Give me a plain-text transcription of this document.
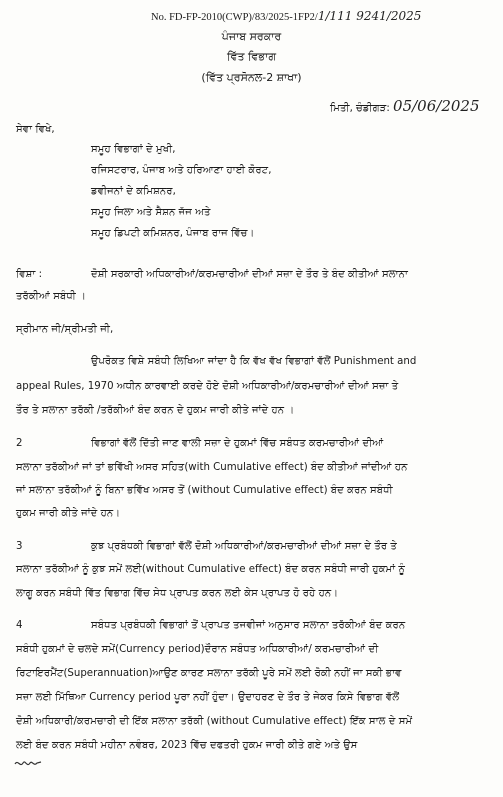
No. FD-FP-2010(CWP)/83/2025-1FP2/1/111 9241/2025
ਪੰਜਾਬ ਸਰਕਾਰ
ਵਿੱਤ ਵਿਭਾਗ
(ਵਿੱਤ ਪ੍ਰਸੋਨਲ-2 ਸ਼ਾਖਾ)
ਮਿਤੀ, ਚੰਡੀਗੜ: 05/06/2025
ਸੇਵਾ ਵਿਖੇ,
ਸਮੂਹ ਵਿਭਾਗਾਂ ਦੇ ਮੁਖੀ,
ਰਜਿਸਟਰਾਰ, ਪੰਜਾਬ ਅਤੇ ਹਰਿਆਣਾ ਹਾਈ ਕੋਰਟ,
ਡਵੀਜਨਾਂ ਦੇ ਕਮਿਸ਼ਨਰ,
ਸਮੂਹ ਜਿਲਾ ਅਤੇ ਸੈਸ਼ਨ ਜੱਜ ਅਤੇ
ਸਮੂਹ ਡਿਪਟੀ ਕਮਿਸ਼ਨਰ, ਪੰਜਾਬ ਰਾਜ ਵਿੱਚ।
ਵਿਸ਼ਾ :	ਦੋਸ਼ੀ ਸਰਕਾਰੀ ਅਧਿਕਾਰੀਆਂ/ਕਰਮਚਾਰੀਆਂ ਦੀਆਂ ਸਜ਼ਾ ਦੇ ਤੌਰ ਤੇ ਬੰਦ ਕੀਤੀਆਂ ਸਲਾਨਾ
ਤਰੱਕੀਆਂ ਸਬੰਧੀ ।
ਸ੍ਰੀਮਾਨ ਜੀ/ਸ੍ਰੀਮਤੀ ਜੀ,
ਉਪਰੋਕਤ ਵਿਸ਼ੇ ਸਬੰਧੀ ਲਿਖਿਆ ਜਾਂਦਾ ਹੈ ਕਿ ਵੱਖ ਵੱਖ ਵਿਭਾਗਾਂ ਵੱਲੋਂ Punishment and
appeal Rules, 1970 ਅਧੀਨ ਕਾਰਵਾਈ ਕਰਦੇ ਹੋਏ ਦੋਸ਼ੀ ਅਧਿਕਾਰੀਆਂ/ਕਰਮਚਾਰੀਆਂ ਦੀਆਂ ਸਜ਼ਾ ਤੇ
ਤੌਰ ਤੇ ਸਲਾਨਾ ਤਰੱਕੀ /ਤਰੱਕੀਆਂ ਬੰਦ ਕਰਨ ਦੇ ਹੁਕਮ ਜਾਰੀ ਕੀਤੇ ਜਾਂਦੇ ਹਨ ।
2	ਵਿਭਾਗਾਂ ਵੱਲੋਂ ਦਿੱਤੀ ਜਾਣ ਵਾਲੀ ਸਜ਼ਾ ਦੇ ਹੁਕਮਾਂ ਵਿੱਚ ਸਬੰਧਤ ਕਰਮਚਾਰੀਆਂ ਦੀਆਂ
ਸਲਾਨਾ ਤਰੱਕੀਆਂ ਜਾਂ ਤਾਂ ਭਵਿੱਖੀ ਅਸਰ ਸਹਿਤ(with Cumulative effect) ਬੰਦ ਕੀਤੀਆਂ ਜਾਂਦੀਆਂ ਹਨ
ਜਾਂ ਸਲਾਨਾ ਤਰੱਕੀਆਂ ਨੂੰ ਬਿਨਾ ਭਵਿੱਖ ਅਸਰ ਤੋਂ (without Cumulative effect) ਬੰਦ ਕਰਨ ਸਬੰਧੀ
ਹੁਕਮ ਜਾਰੀ ਕੀਤੇ ਜਾਂਦੇ ਹਨ।
3	ਕੁਝ ਪ੍ਰਬੰਧਕੀ ਵਿਭਾਗਾਂ ਵੱਲੋਂ ਦੋਸ਼ੀ ਅਧਿਕਾਰੀਆਂ/ਕਰਮਚਾਰੀਆਂ ਦੀਆਂ ਸਜ਼ਾ ਦੇ ਤੌਰ ਤੇ
ਸਲਾਨਾ ਤਰੱਕੀਆਂ ਨੂੰ ਕੁਝ ਸਮੇਂ ਲਈ(without Cumulative effect) ਬੰਦ ਕਰਨ ਸਬੰਧੀ ਜਾਰੀ ਹੁਕਮਾਂ ਨੂੰ
ਲਾਗੂ ਕਰਨ ਸਬੰਧੀ ਵਿੱਤ ਵਿਭਾਗ ਵਿੱਚ ਸੇਧ ਪ੍ਰਾਪਤ ਕਰਨ ਲਈ ਕੇਸ ਪ੍ਰਾਪਤ ਹੋ ਰਹੇ ਹਨ।
4	ਸਬੰਧਤ ਪ੍ਰਬੰਧਕੀ ਵਿਭਾਗਾਂ ਤੋਂ ਪ੍ਰਾਪਤ ਤਜਵੀਜਾਂ ਅਨੁਸਾਰ ਸਲਾਨਾ ਤਰੱਕੀਆਂ ਬੰਦ ਕਰਨ
ਸਬੰਧੀ ਹੁਕਮਾਂ ਦੇ ਚਲਦੇ ਸਮੇਂ(Currency period)ਦੌਰਾਨ ਸਬੰਧਤ ਅਧਿਕਾਰੀਆਂ/ ਕਰਮਚਾਰੀਆਂ ਦੀ
ਰਿਟਾਇਰਮੈਂਟ(Superannuation)ਆਉਣ ਕਾਰਣ ਸਲਾਨਾ ਤਰੱਕੀ ਪੂਰੇ ਸਮੇਂ ਲਈ ਰੋਕੀ ਨਹੀਂ ਜਾ ਸਕੀ ਭਾਵ
ਸਜ਼ਾ ਲਈ ਮਿੱਥਿਆ Currency period ਪੂਰਾ ਨਹੀਂ ਹੁੰਦਾ। ਉਦਾਹਰਣ ਦੇ ਤੌਰ ਤੇ ਜੇਕਰ ਕਿਸੇ ਵਿਭਾਗ ਵੱਲੋਂ
ਦੋਸ਼ੀ ਅਧਿਕਾਰੀ/ਕਰਮਚਾਰੀ ਦੀ ਇੱਕ ਸਲਾਨਾ ਤਰੱਕੀ (without Cumulative effect) ਇੱਕ ਸਾਲ ਦੇ ਸਮੇਂ
ਲਈ ਬੰਦ ਕਰਨ ਸਬੰਧੀ ਮਹੀਨਾ ਨਵੰਬਰ, 2023 ਵਿੱਚ ਦਫਤਰੀ ਹੁਕਮ ਜਾਰੀ ਕੀਤੇ ਗਏ ਅਤੇ ਉਸ
